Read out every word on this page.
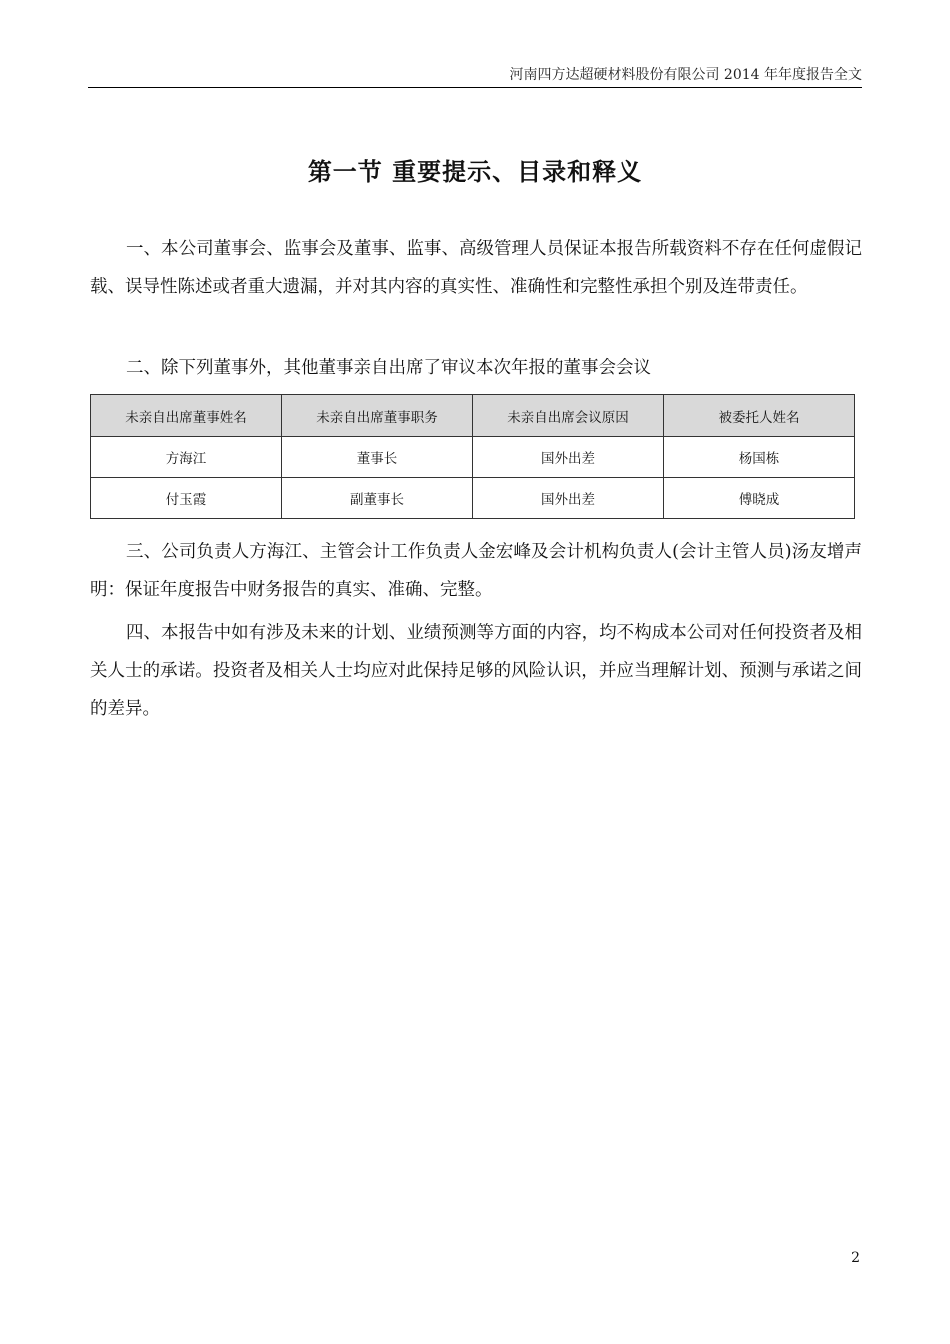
河南四方达超硬材料股份有限公司 2014 年年度报告全文
第一节 重要提示、目录和释义

一、本公司董事会、监事会及董事、监事、高级管理人员保证本报告所载资料不存在任何虚假记载、误导性陈述或者重大遗漏，并对其内容的真实性、准确性和完整性承担个别及连带责任。

二、除下列董事外，其他董事亲自出席了审议本次年报的董事会会议

未亲自出席董事姓名	未亲自出席董事职务	未亲自出席会议原因	被委托人姓名
方海江	董事长	国外出差	杨国栋
付玉霞	副董事长	国外出差	傅晓成

三、公司负责人方海江、主管会计工作负责人金宏峰及会计机构负责人(会计主管人员)汤友增声明：保证年度报告中财务报告的真实、准确、完整。

四、本报告中如有涉及未来的计划、业绩预测等方面的内容，均不构成本公司对任何投资者及相关人士的承诺。投资者及相关人士均应对此保持足够的风险认识，并应当理解计划、预测与承诺之间的差异。

2
